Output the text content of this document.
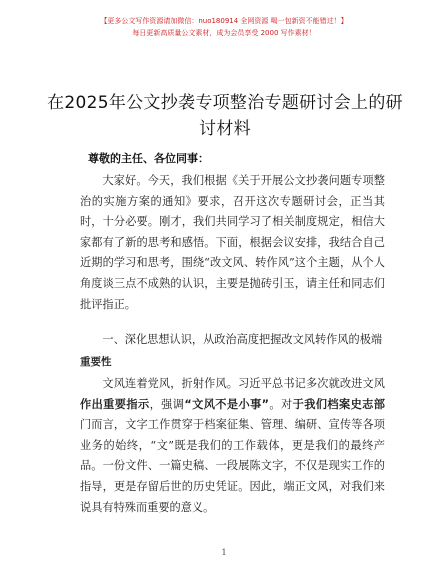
【更多公文写作资源请加微信：nuo180914 全网资源 喝一包新资不能错过！】
每日更新高质量公文素材，成为会员享受 2000 写作素材！
在2025年公文抄袭专项整治专题研讨会上的研讨材料
尊敬的主任、各位同事：
大家好。今天，我们根据《关于开展公文抄袭问题专项整治的实施方案的通知》要求，召开这次专题研讨会，正当其时，十分必要。刚才，我们共同学习了相关制度规定，相信大家都有了新的思考和感悟。下面，根据会议安排，我结合自己近期的学习和思考，围绕“改文风、转作风”这个主题，从个人角度谈三点不成熟的认识，主要是抛砖引玉，请主任和同志们批评指正。
一、深化思想认识，从政治高度把握改文风转作风的极端
重要性
文风连着党风，折射作风。习近平总书记多次就改进文风作出重要指示，强调“文风不是小事”。对于我们档案史志部门而言，文字工作贯穿于档案征集、管理、编研、宣传等各项业务的始终，“文”既是我们的工作载体，更是我们的最终产品。一份文件、一篇史稿、一段展陈文字，不仅是现实工作的指导，更是存留后世的历史凭证。因此，端正文风，对我们来说具有特殊而重要的意义。
1
